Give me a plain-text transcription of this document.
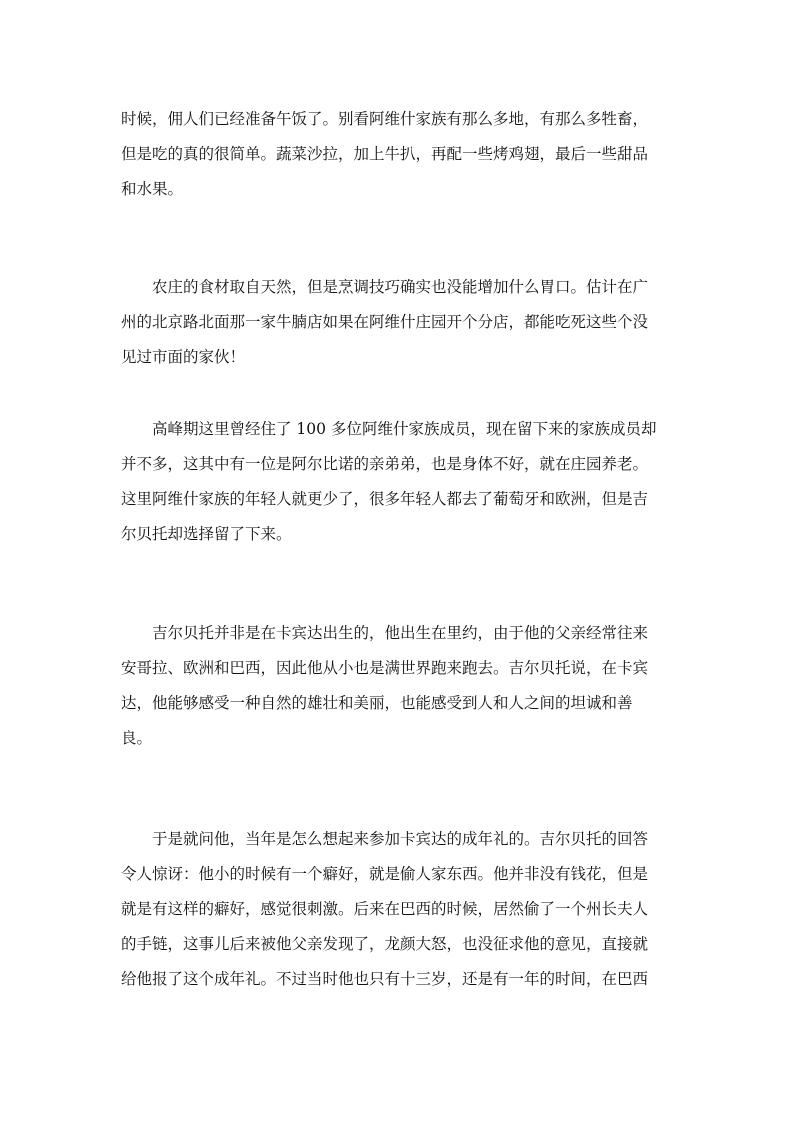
时候，佣人们已经准备午饭了。别看阿维什家族有那么多地，有那么多牲畜，
但是吃的真的很简单。蔬菜沙拉，加上牛扒，再配一些烤鸡翅，最后一些甜品
和水果。
农庄的食材取自天然，但是烹调技巧确实也没能增加什么胃口。估计在广
州的北京路北面那一家牛腩店如果在阿维什庄园开个分店，都能吃死这些个没
见过市面的家伙！
高峰期这里曾经住了 100 多位阿维什家族成员，现在留下来的家族成员却
并不多，这其中有一位是阿尔比诺的亲弟弟，也是身体不好，就在庄园养老。
这里阿维什家族的年轻人就更少了，很多年轻人都去了葡萄牙和欧洲，但是吉
尔贝托却选择留了下来。
吉尔贝托并非是在卡宾达出生的，他出生在里约，由于他的父亲经常往来
安哥拉、欧洲和巴西，因此他从小也是满世界跑来跑去。吉尔贝托说，在卡宾
达，他能够感受一种自然的雄壮和美丽，也能感受到人和人之间的坦诚和善
良。
于是就问他，当年是怎么想起来参加卡宾达的成年礼的。吉尔贝托的回答
令人惊讶：他小的时候有一个癖好，就是偷人家东西。他并非没有钱花，但是
就是有这样的癖好，感觉很刺激。后来在巴西的时候，居然偷了一个州长夫人
的手链，这事儿后来被他父亲发现了，龙颜大怒，也没征求他的意见，直接就
给他报了这个成年礼。不过当时他也只有十三岁，还是有一年的时间，在巴西
